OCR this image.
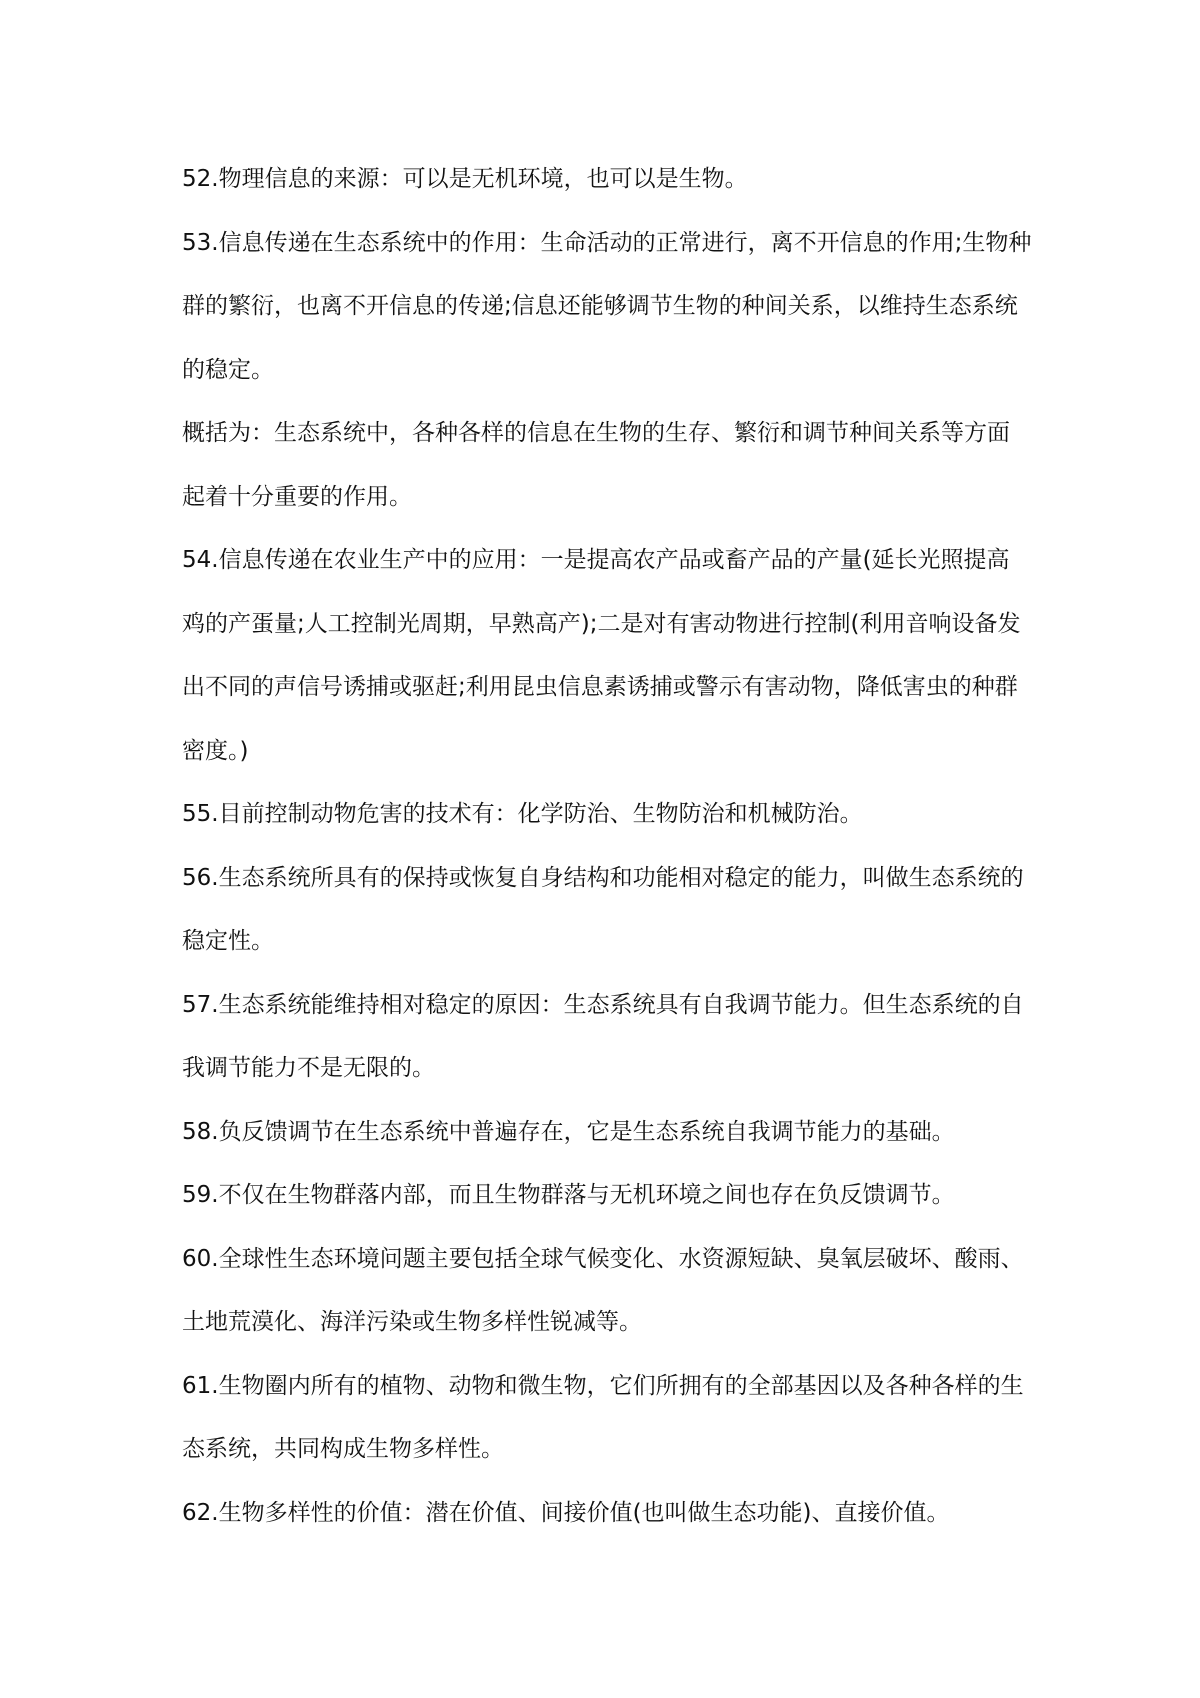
52.物理信息的来源：可以是无机环境，也可以是生物。

53.信息传递在生态系统中的作用：生命活动的正常进行，离不开信息的作用;生物种群的繁衍，也离不开信息的传递;信息还能够调节生物的种间关系，以维持生态系统的稳定。

概括为：生态系统中，各种各样的信息在生物的生存、繁衍和调节种间关系等方面起着十分重要的作用。

54.信息传递在农业生产中的应用：一是提高农产品或畜产品的产量(延长光照提高鸡的产蛋量;人工控制光周期，早熟高产);二是对有害动物进行控制(利用音响设备发出不同的声信号诱捕或驱赶;利用昆虫信息素诱捕或警示有害动物，降低害虫的种群密度。)

55.目前控制动物危害的技术有：化学防治、生物防治和机械防治。

56.生态系统所具有的保持或恢复自身结构和功能相对稳定的能力，叫做生态系统的稳定性。

57.生态系统能维持相对稳定的原因：生态系统具有自我调节能力。但生态系统的自我调节能力不是无限的。

58.负反馈调节在生态系统中普遍存在，它是生态系统自我调节能力的基础。

59.不仅在生物群落内部，而且生物群落与无机环境之间也存在负反馈调节。

60.全球性生态环境问题主要包括全球气候变化、水资源短缺、臭氧层破坏、酸雨、土地荒漠化、海洋污染或生物多样性锐减等。

61.生物圈内所有的植物、动物和微生物，它们所拥有的全部基因以及各种各样的生态系统，共同构成生物多样性。

62.生物多样性的价值：潜在价值、间接价值(也叫做生态功能)、直接价值。
